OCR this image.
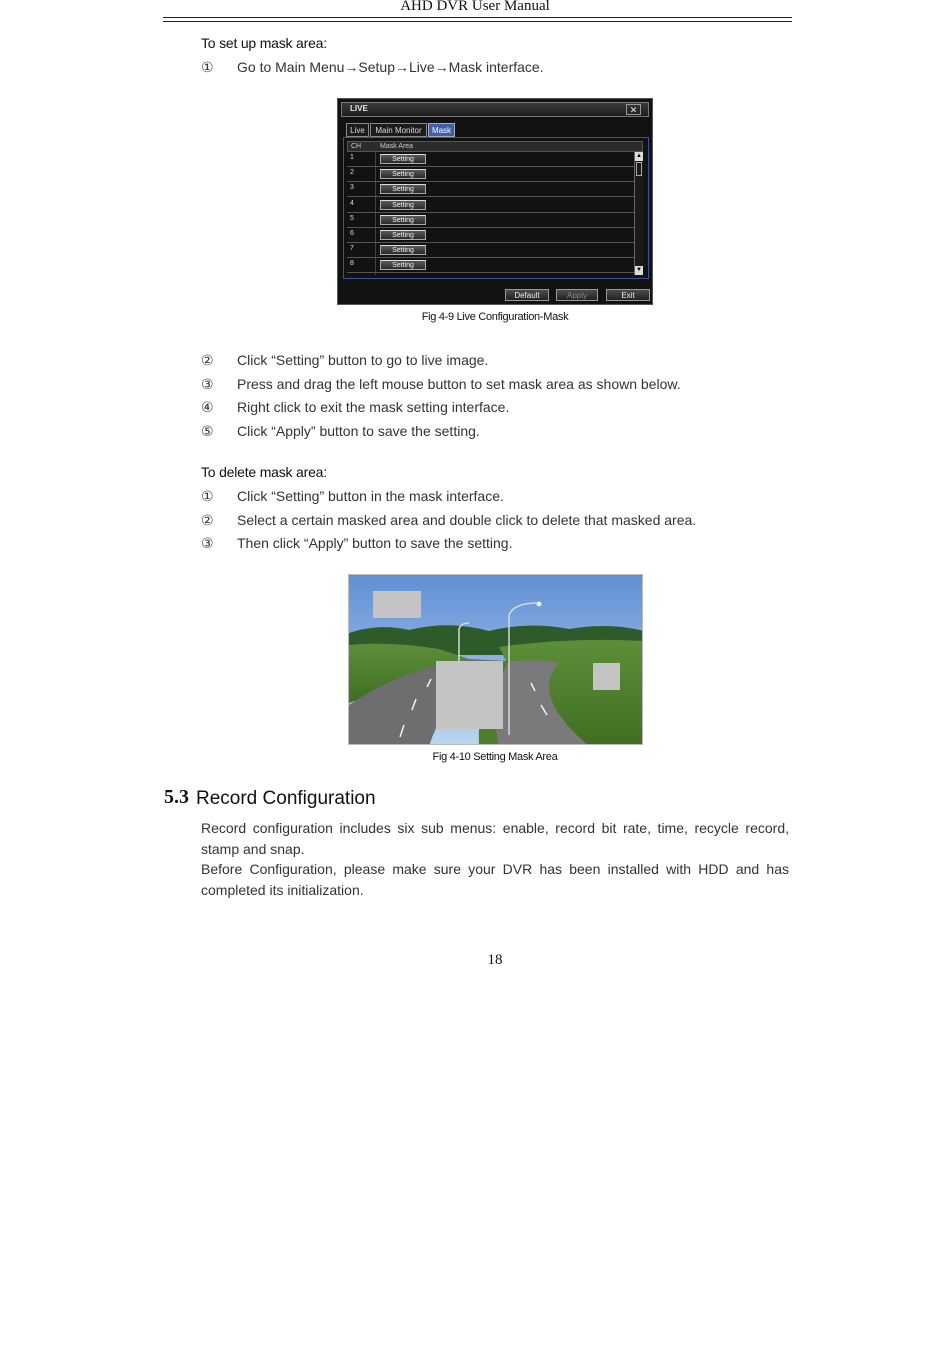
AHD DVR User Manual
To set up mask area:
① Go to Main Menu→Setup→Live→Mask interface.
LIVE	✕
Live	Main Monitor	Mask
CH	Mask Area
1	Setting
2	Setting
3	Setting
4	Setting
5	Setting
6	Setting
7	Setting
8	Setting
▲
▼
Default	Apply	Exit
Fig 4-9 Live Configuration-Mask
② Click “Setting” button to go to live image.
③ Press and drag the left mouse button to set mask area as shown below.
④ Right click to exit the mask setting interface.
⑤ Click “Apply” button to save the setting.
To delete mask area:
① Click “Setting” button in the mask interface.
② Select a certain masked area and double click to delete that masked area.
③ Then click “Apply” button to save the setting.
Fig 4-10 Setting Mask Area
5.3 Record Configuration
Record configuration includes six sub menus: enable, record bit rate, time, recycle record, stamp and snap.
Before Configuration, please make sure your DVR has been installed with HDD and has completed its initialization.
18
